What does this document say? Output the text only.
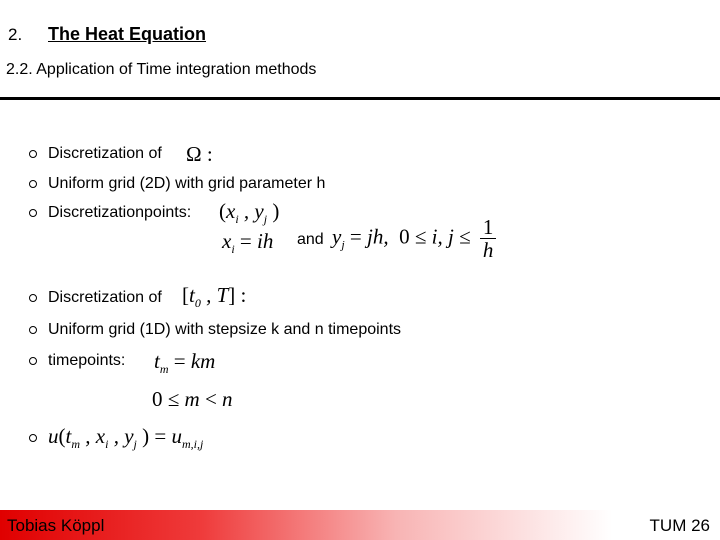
2. The Heat Equation
2.2. Application of Time integration methods
Discretization of Ω :
Uniform grid (2D) with grid parameter h
Discretizationpoints: ($x_i$ , $y_j$ )
$x_i$ = ih and $y_j$ = jh,  0 ≤ i, $j \le \frac{1}{h}$
Discretization of [$t_0$ , T] :
Uniform grid (1D) with stepsize k and n timepoints
timepoints: $t_m$ = km
0 ≤ m < n
$u(t_m$ , $x_i$ , $y_j$ ) = $u_{m,i,j}$
Tobias Köppl	TUM 26
